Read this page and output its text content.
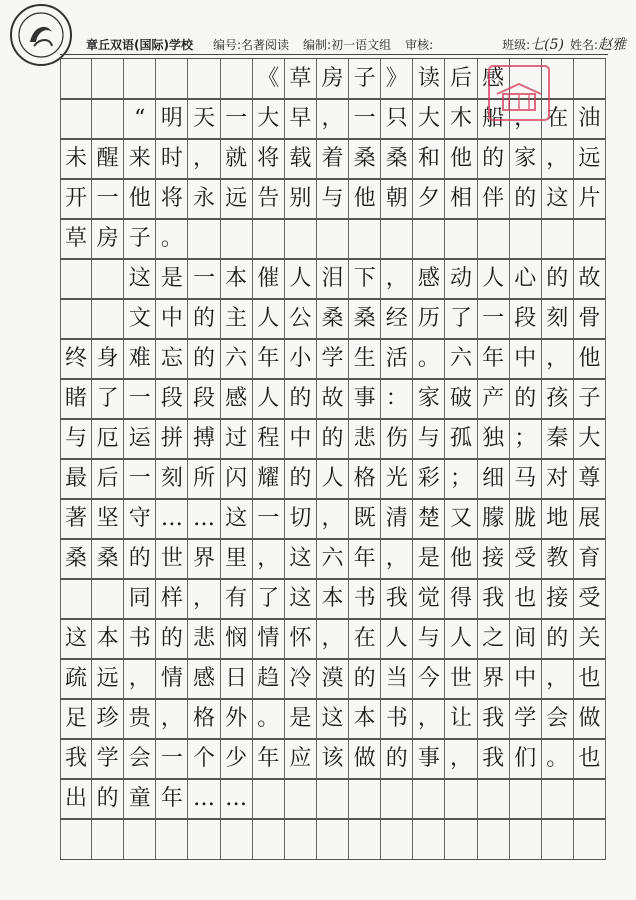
章丘双语(国际)学校 编号: 名著阅读 编制: 初一语文组 审核:	班级: 七(5) 姓名: 赵雅
《 草 房 子 》 读 后 感
“ 明 天 一 大 早 ， 一 只 大 木 船 ， 在 油
未 醒 来 时 ， 就 将 载 着 桑 桑 和 他 的 家 ， 远
开 一 他 将 永 远 告 别 与 他 朝 夕 相 伴 的 这 片
草 房 子 。
这 是 一 本 催 人 泪 下 ， 感 动 人 心 的 故
文 中 的 主 人 公 桑 桑 经 历 了 一 段 刻 骨
终 身 难 忘 的 六 年 小 学 生 活 。 六 年 中 ， 他
睹 了 一 段 段 感 人 的 故 事 ： 家 破 产 的 孩 子
与 厄 运 拼 搏 过 程 中 的 悲 伤 与 孤 独 ； 秦 大
最 后 一 刻 所 闪 耀 的 人 格 光 彩 ； 细 马 对 尊
著 坚 守 … … 这 一 切 ， 既 清 楚 又 朦 胧 地 展
桑 桑 的 世 界 里 ， 这 六 年 ， 是 他 接 受 教 育
同 样 ， 有 了 这 本 书 我 觉 得 我 也 接 受
这 本 书 的 悲 悯 情 怀 ， 在 人 与 人 之 间 的 关
疏 远 ， 情 感 日 趋 冷 漠 的 当 今 世 界 中 ， 也
足 珍 贵 ， 格 外 。 是 这 本 书 ， 让 我 学 会 做
我 学 会 一 个 少 年 应 该 做 的 事 ， 我 们 。 也
出 的 童 年 … …
